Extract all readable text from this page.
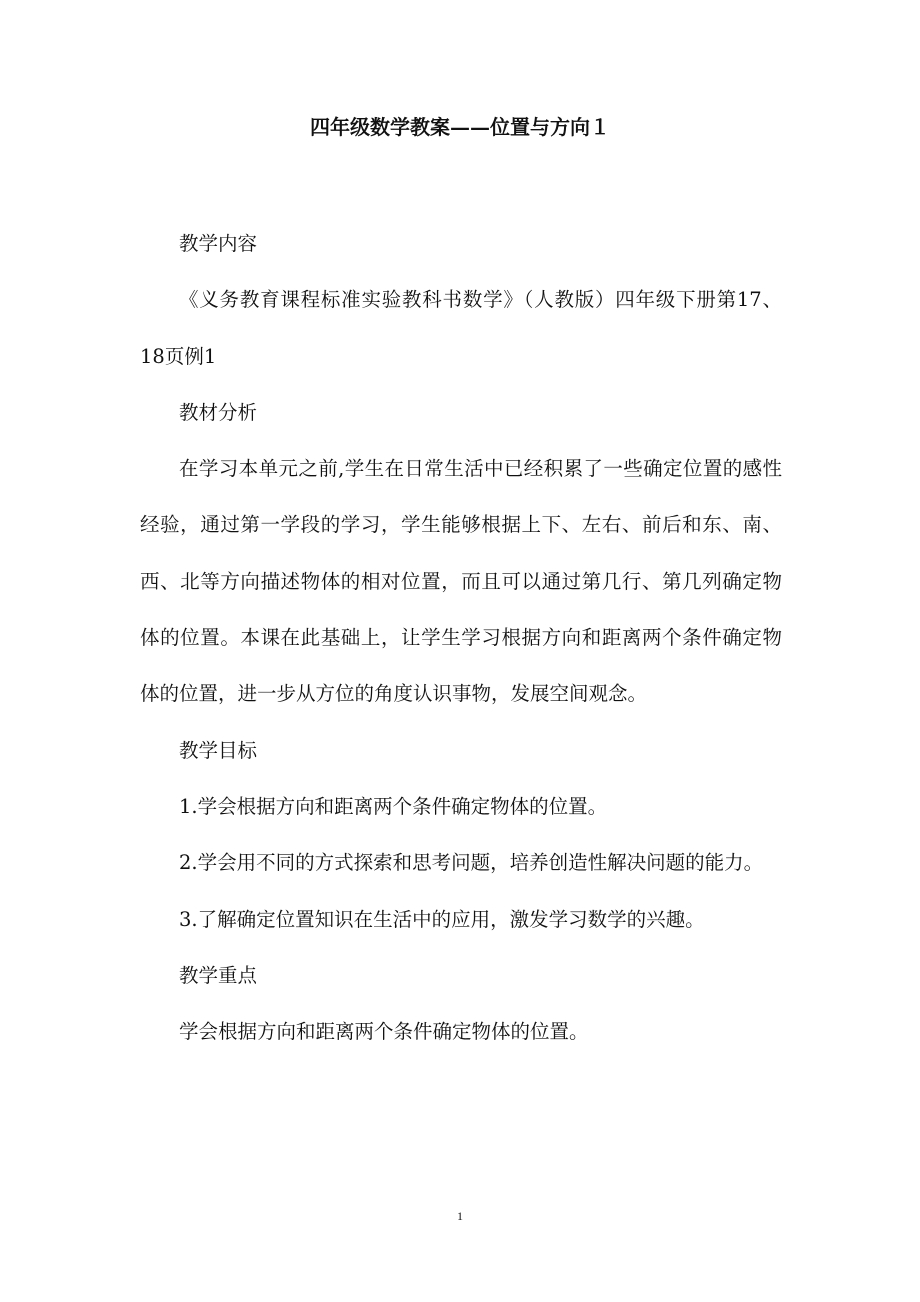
四年级数学教案——位置与方向１

教学内容

《义务教育课程标准实验教科书数学》（人教版）四年级下册第17、18页例1

教材分析

在学习本单元之前,学生在日常生活中已经积累了一些确定位置的感性经验，通过第一学段的学习，学生能够根据上下、左右、前后和东、南、西、北等方向描述物体的相对位置，而且可以通过第几行、第几列确定物体的位置。本课在此基础上，让学生学习根据方向和距离两个条件确定物体的位置，进一步从方位的角度认识事物，发展空间观念。

教学目标

1.学会根据方向和距离两个条件确定物体的位置。

2.学会用不同的方式探索和思考问题，培养创造性解决问题的能力。

3.了解确定位置知识在生活中的应用，激发学习数学的兴趣。

教学重点

学会根据方向和距离两个条件确定物体的位置。

1
